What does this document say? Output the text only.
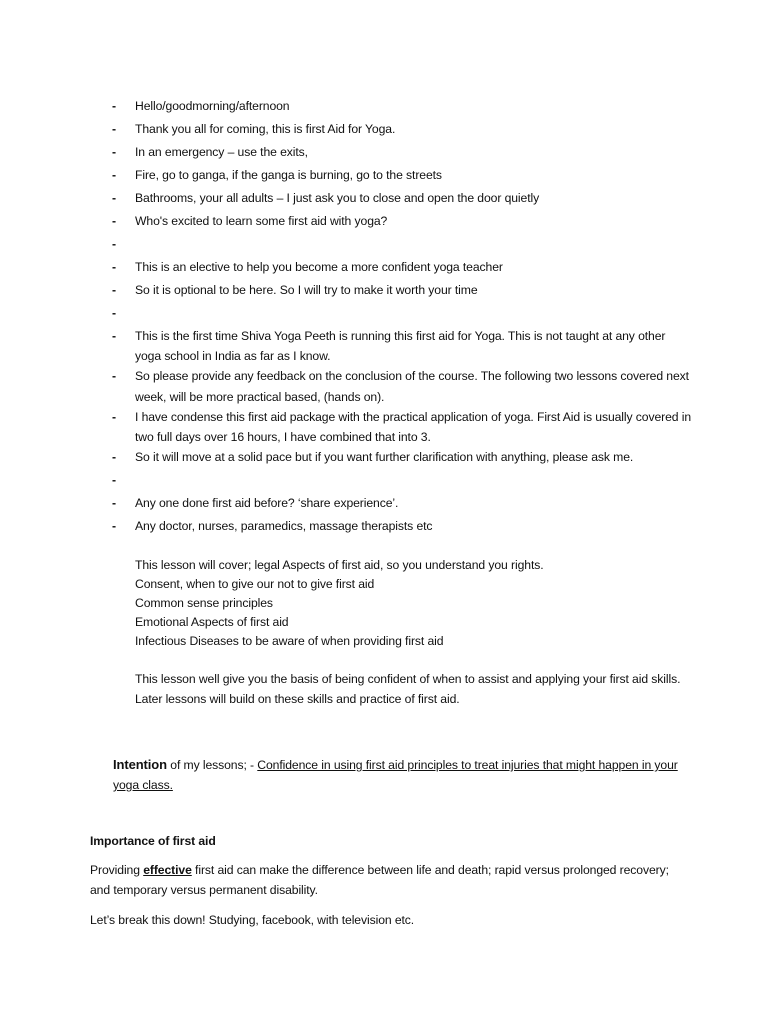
-	Hello/goodmorning/afternoon
-	Thank you all for coming, this is first Aid for Yoga.
-	In an emergency – use the exits,
-	Fire, go to ganga, if the ganga is burning, go to the streets
-	Bathrooms, your all adults – I just ask you to close and open the door quietly
-	Who's excited to learn some first aid with yoga?
-
-	This is an elective to help you become a more confident yoga teacher
-	So it is optional to be here. So I will try to make it worth your time
-
-	This is the first time Shiva Yoga Peeth is running this first aid for Yoga. This is not taught at any other yoga school in India as far as I know.
-	So please provide any feedback on the conclusion of the course. The following two lessons covered next week, will be more practical based, (hands on).
-	I have condense this first aid package with the practical application of yoga. First Aid is usually covered in two full days over 16 hours, I have combined that into 3.
-	So it will move at a solid pace but if you want further clarification with anything, please ask me.
-
-	Any one done first aid before? ‘share experience’.
-	Any doctor, nurses, paramedics, massage therapists etc
This lesson will cover; legal Aspects of first aid, so you understand you rights.
Consent, when to give our not to give first aid
Common sense principles
Emotional Aspects of first aid
Infectious Diseases to be aware of when providing first aid
This lesson well give you the basis of being confident of when to assist and applying your first aid skills. Later lessons will build on these skills and practice of first aid.
Intention of my lessons; - Confidence in using first aid principles to treat injuries that might happen in your yoga class.
Importance of first aid
Providing effective first aid can make the difference between life and death; rapid versus prolonged recovery; and temporary versus permanent disability.
Let’s break this down! Studying, facebook, with television etc.
